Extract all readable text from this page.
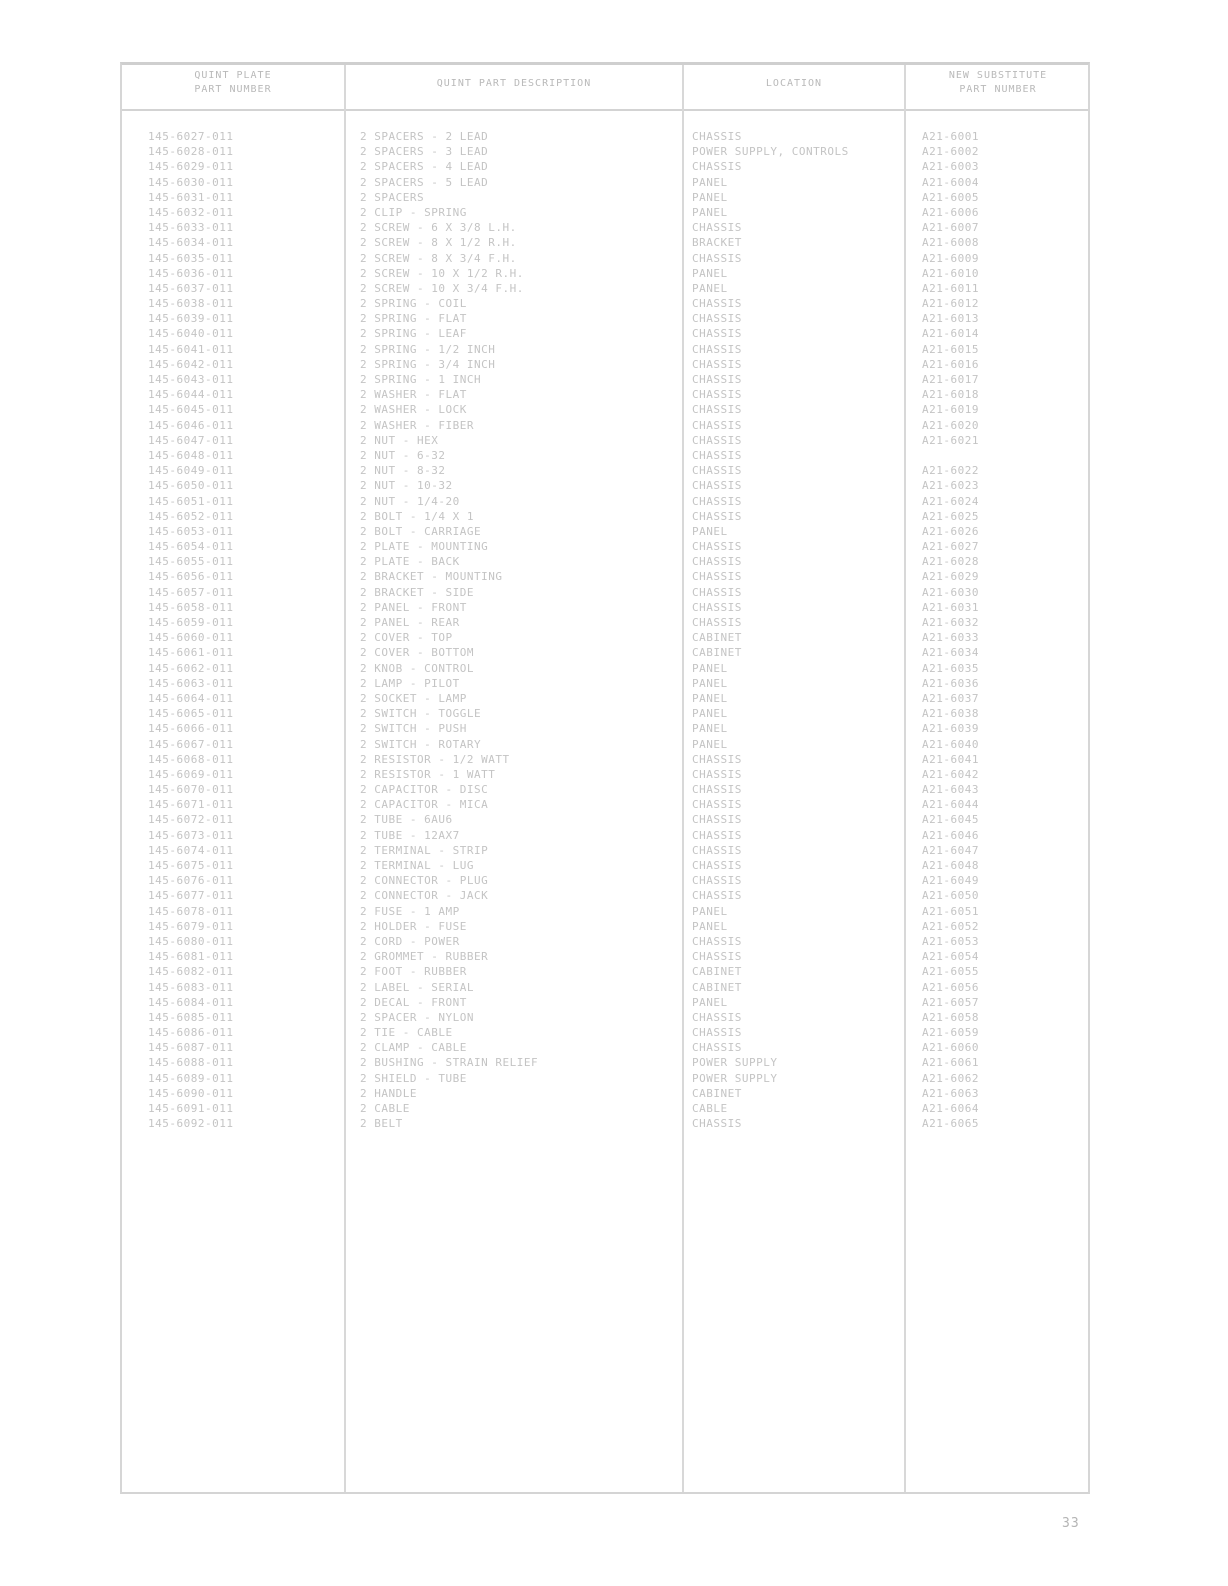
QUINT PLATE
PART NUMBER
QUINT PART DESCRIPTION	LOCATION
NEW SUBSTITUTE
PART NUMBER
145-6027-011
145-6028-011
145-6029-011
145-6030-011
145-6031-011
145-6032-011
145-6033-011
145-6034-011
145-6035-011
145-6036-011
145-6037-011
145-6038-011
145-6039-011
145-6040-011
145-6041-011
145-6042-011
145-6043-011
145-6044-011
145-6045-011
145-6046-011
145-6047-011
145-6048-011
145-6049-011
145-6050-011
145-6051-011
145-6052-011
145-6053-011
145-6054-011
145-6055-011
145-6056-011
145-6057-011
145-6058-011
145-6059-011
145-6060-011
145-6061-011
145-6062-011
145-6063-011
145-6064-011
145-6065-011
145-6066-011
145-6067-011
145-6068-011
145-6069-011
145-6070-011
145-6071-011
145-6072-011
145-6073-011
145-6074-011
145-6075-011
145-6076-011
145-6077-011
145-6078-011
145-6079-011
145-6080-011
145-6081-011
145-6082-011
145-6083-011
145-6084-011
145-6085-011
145-6086-011
145-6087-011
145-6088-011
145-6089-011
145-6090-011
145-6091-011
145-6092-011
2 SPACERS - 2 LEAD
2 SPACERS - 3 LEAD
2 SPACERS - 4 LEAD
2 SPACERS - 5 LEAD
2 SPACERS
2 CLIP - SPRING
2 SCREW - 6 X 3/8 L.H.
2 SCREW - 8 X 1/2 R.H.
2 SCREW - 8 X 3/4 F.H.
2 SCREW - 10 X 1/2 R.H.
2 SCREW - 10 X 3/4 F.H.
2 SPRING - COIL
2 SPRING - FLAT
2 SPRING - LEAF
2 SPRING - 1/2 INCH
2 SPRING - 3/4 INCH
2 SPRING - 1 INCH
2 WASHER - FLAT
2 WASHER - LOCK
2 WASHER - FIBER
2 NUT - HEX
2 NUT - 6-32
2 NUT - 8-32
2 NUT - 10-32
2 NUT - 1/4-20
2 BOLT - 1/4 X 1
2 BOLT - CARRIAGE
2 PLATE - MOUNTING
2 PLATE - BACK
2 BRACKET - MOUNTING
2 BRACKET - SIDE
2 PANEL - FRONT
2 PANEL - REAR
2 COVER - TOP
2 COVER - BOTTOM
2 KNOB - CONTROL
2 LAMP - PILOT
2 SOCKET - LAMP
2 SWITCH - TOGGLE
2 SWITCH - PUSH
2 SWITCH - ROTARY
2 RESISTOR - 1/2 WATT
2 RESISTOR - 1 WATT
2 CAPACITOR - DISC
2 CAPACITOR - MICA
2 TUBE - 6AU6
2 TUBE - 12AX7
2 TERMINAL - STRIP
2 TERMINAL - LUG
2 CONNECTOR - PLUG
2 CONNECTOR - JACK
2 FUSE - 1 AMP
2 HOLDER - FUSE
2 CORD - POWER
2 GROMMET - RUBBER
2 FOOT - RUBBER
2 LABEL - SERIAL
2 DECAL - FRONT
2 SPACER - NYLON
2 TIE - CABLE
2 CLAMP - CABLE
2 BUSHING - STRAIN RELIEF
2 SHIELD - TUBE
2 HANDLE
2 CABLE
2 BELT
CHASSIS
POWER SUPPLY, CONTROLS
CHASSIS
PANEL
PANEL
PANEL
CHASSIS
BRACKET
CHASSIS
PANEL
PANEL
CHASSIS
CHASSIS
CHASSIS
CHASSIS
CHASSIS
CHASSIS
CHASSIS
CHASSIS
CHASSIS
CHASSIS
CHASSIS
CHASSIS
CHASSIS
CHASSIS
CHASSIS
PANEL
CHASSIS
CHASSIS
CHASSIS
CHASSIS
CHASSIS
CHASSIS
CABINET
CABINET
PANEL
PANEL
PANEL
PANEL
PANEL
PANEL
CHASSIS
CHASSIS
CHASSIS
CHASSIS
CHASSIS
CHASSIS
CHASSIS
CHASSIS
CHASSIS
CHASSIS
PANEL
PANEL
CHASSIS
CHASSIS
CABINET
CABINET
PANEL
CHASSIS
CHASSIS
CHASSIS
POWER SUPPLY
POWER SUPPLY
CABINET
CABLE
CHASSIS
A21-6001
A21-6002
A21-6003
A21-6004
A21-6005
A21-6006
A21-6007
A21-6008
A21-6009
A21-6010
A21-6011
A21-6012
A21-6013
A21-6014
A21-6015
A21-6016
A21-6017
A21-6018
A21-6019
A21-6020
A21-6021
A21-6022
A21-6023
A21-6024
A21-6025
A21-6026
A21-6027
A21-6028
A21-6029
A21-6030
A21-6031
A21-6032
A21-6033
A21-6034
A21-6035
A21-6036
A21-6037
A21-6038
A21-6039
A21-6040
A21-6041
A21-6042
A21-6043
A21-6044
A21-6045
A21-6046
A21-6047
A21-6048
A21-6049
A21-6050
A21-6051
A21-6052
A21-6053
A21-6054
A21-6055
A21-6056
A21-6057
A21-6058
A21-6059
A21-6060
A21-6061
A21-6062
A21-6063
A21-6064
A21-6065
33
